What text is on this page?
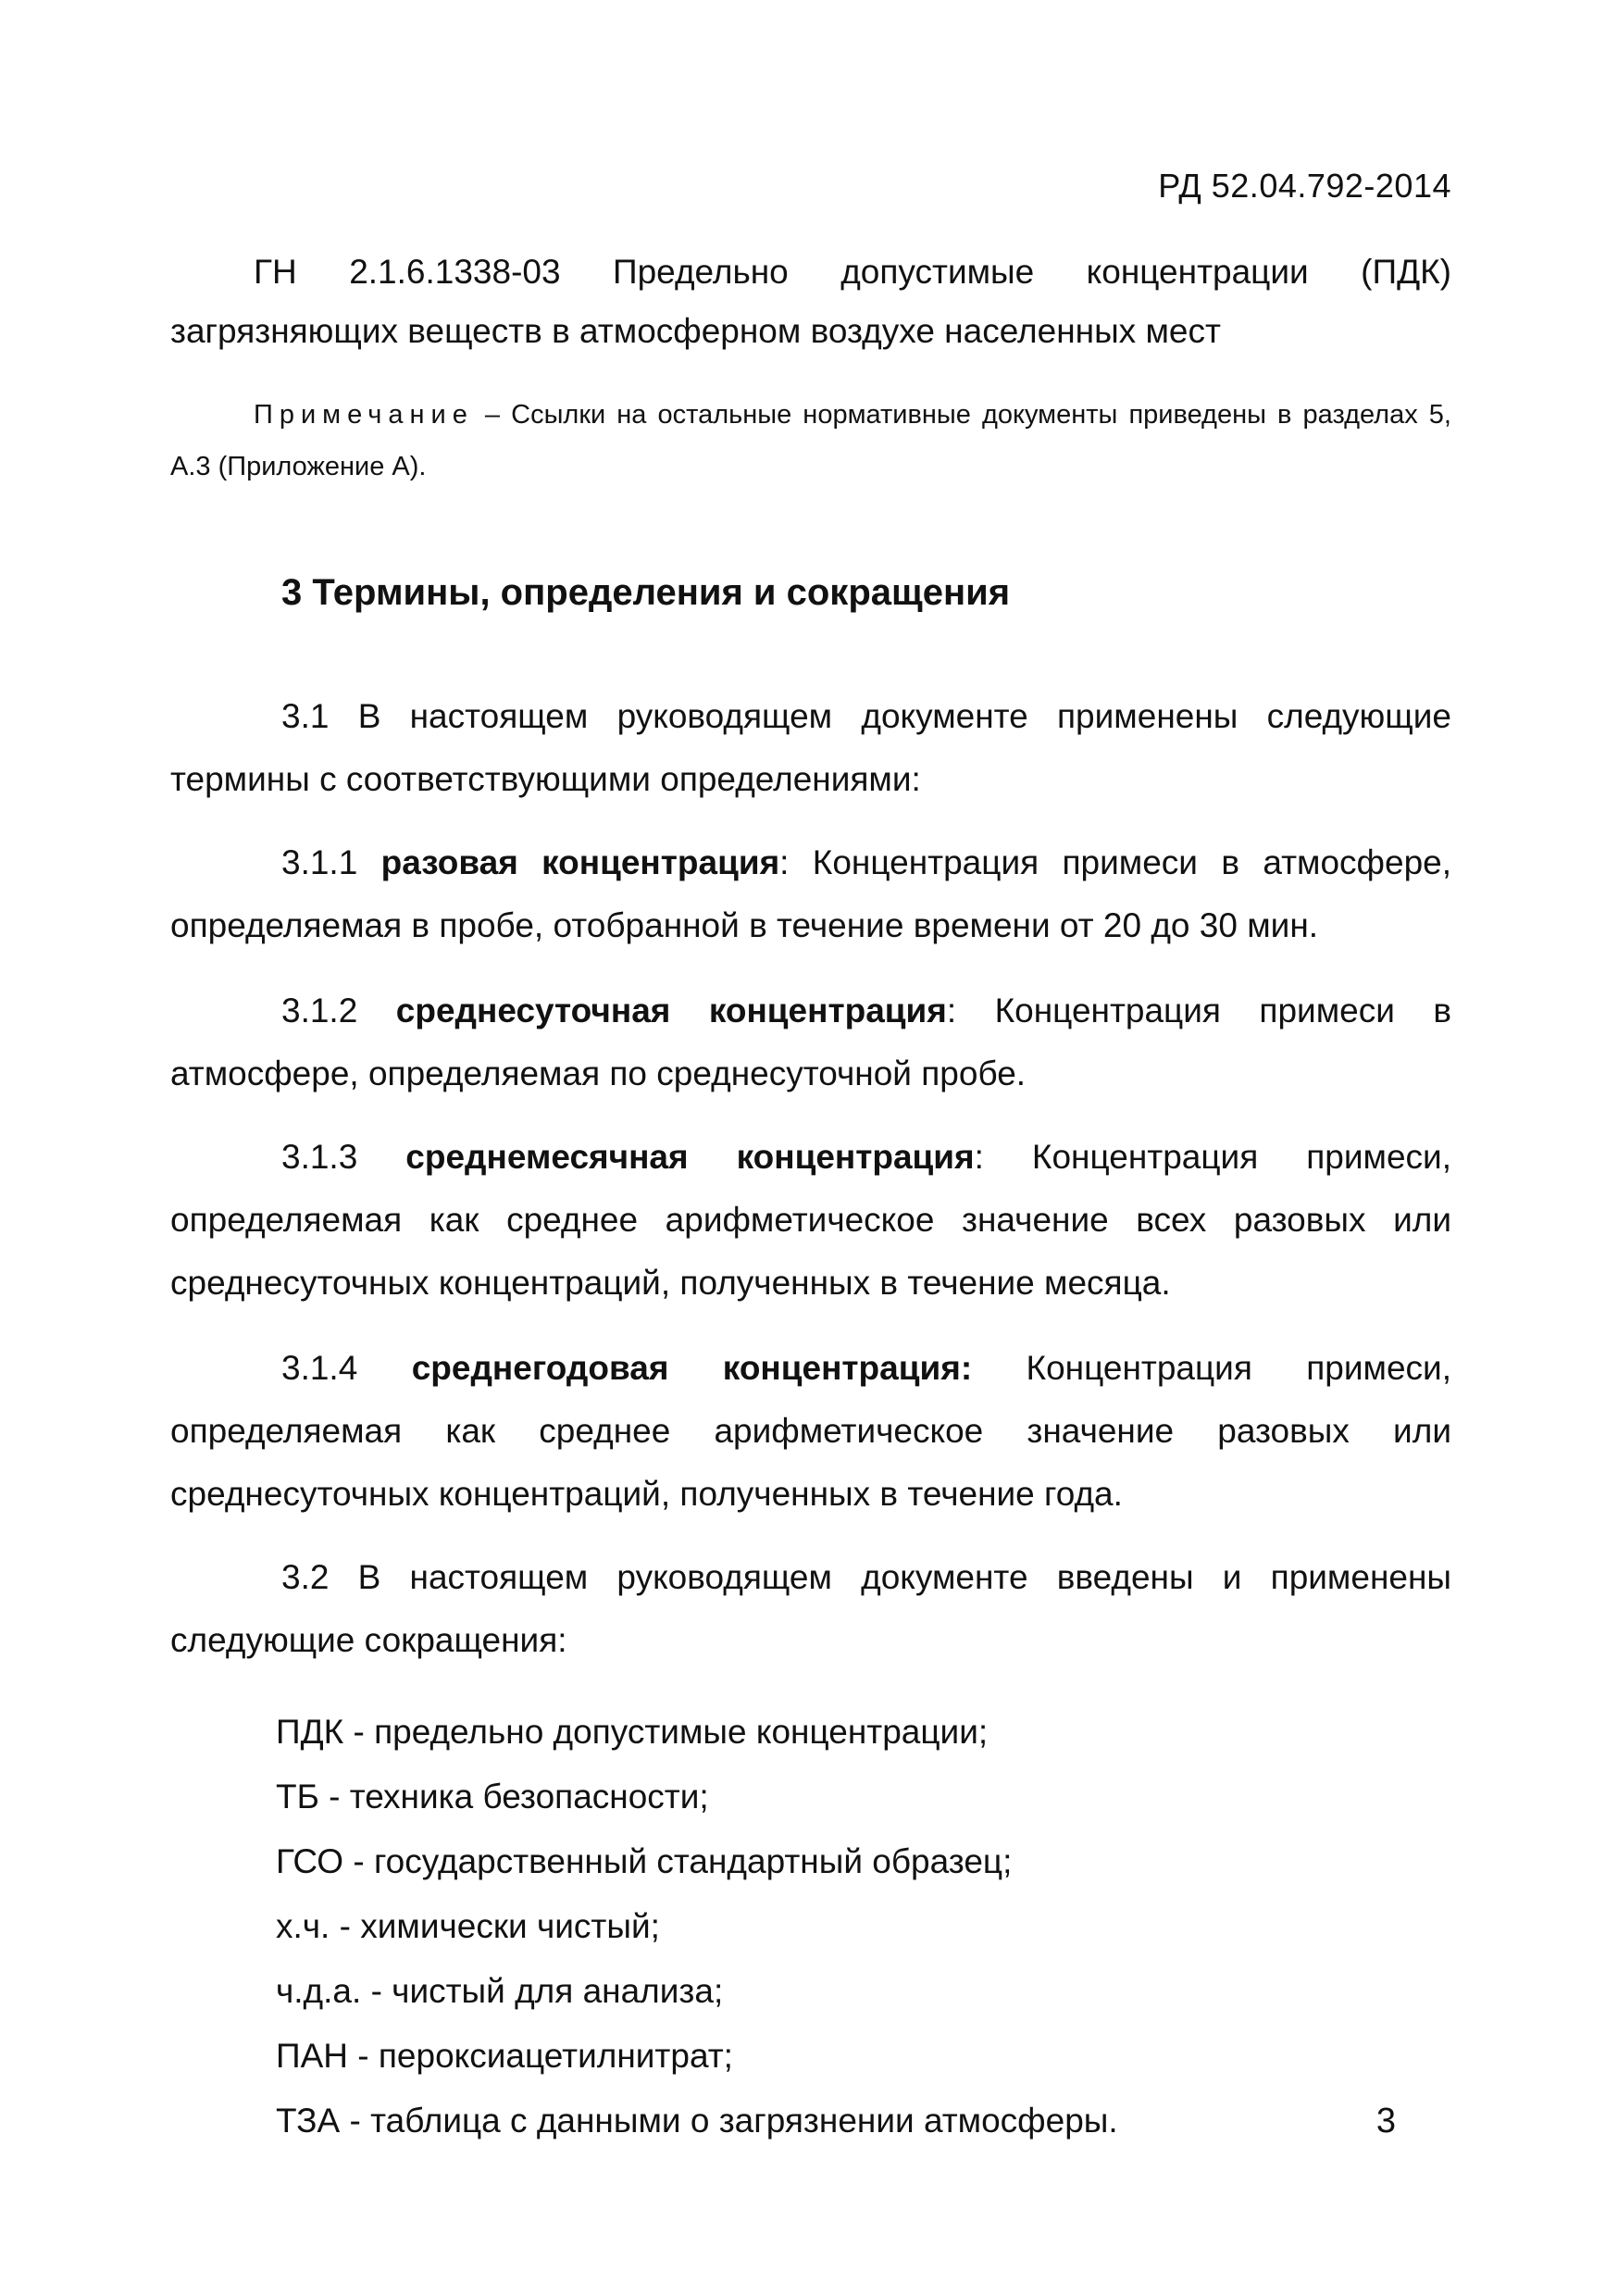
РД 52.04.792-2014

ГН 2.1.6.1338-03 Предельно допустимые концентрации (ПДК) загрязняющих веществ в атмосферном воздухе населенных мест

Примечание – Ссылки на остальные нормативные документы приведены в разделах 5, А.3 (Приложение А).

3 Термины, определения и сокращения

3.1 В настоящем руководящем документе применены следующие термины с соответствующими определениями:

3.1.1 разовая концентрация: Концентрация примеси в атмосфере, определяемая в пробе, отобранной в течение времени от 20 до 30 мин.

3.1.2 среднесуточная концентрация: Концентрация примеси в атмосфере, определяемая по среднесуточной пробе.

3.1.3 среднемесячная концентрация: Концентрация примеси, определяемая как среднее арифметическое значение всех разовых или среднесуточных концентраций, полученных в течение месяца.

3.1.4 среднегодовая концентрация: Концентрация примеси, определяемая как среднее арифметическое значение разовых или среднесуточных концентраций, полученных в течение года.

3.2 В настоящем руководящем документе введены и применены следующие сокращения:

ПДК - предельно допустимые концентрации;
ТБ - техника безопасности;
ГСО - государственный стандартный образец;
х.ч. - химически чистый;
ч.д.а. - чистый для анализа;
ПАН - пероксиацетилнитрат;
ТЗА - таблица с данными о загрязнении атмосферы.	3
